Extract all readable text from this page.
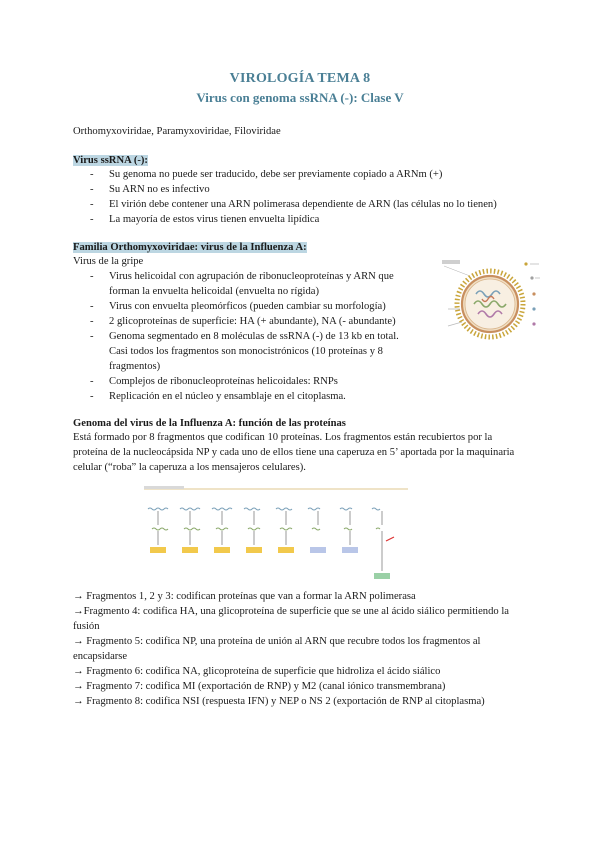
VIROLOGÍA TEMA 8
Virus con genoma ssRNA (-): Clase V
Orthomyxoviridae, Paramyxoviridae, Filoviridae
Virus ssRNA (-):
- Su genoma no puede ser traducido, debe ser previamente copiado a ARNm (+)
- Su ARN no es infectivo
- El virión debe contener una ARN polimerasa dependiente de ARN (las células no lo tienen)
- La mayoría de estos virus tienen envuelta lipídica
Familia Orthomyxoviridae: virus de la Influenza A:
Virus de la gripe
- Virus helicoidal con agrupación de ribonucleoproteínas y ARN que
forman la envuelta helicoidal (envuelta no rígida)
- Virus con envuelta pleomórficos (pueden cambiar su morfología)
- 2 glicoproteínas de superficie: HA (+ abundante), NA (- abundante)
- Genoma segmentado en 8 moléculas de ssRNA (-) de 13 kb en total.
Casi todos los fragmentos son monocistrónicos (10 proteínas y 8
fragmentos)
- Complejos de ribonucleoproteínas helicoidales: RNPs
- Replicación en el núcleo y ensamblaje en el citoplasma.
Genoma del virus de la Influenza A: función de las proteínas
Está formado por 8 fragmentos que codifican 10 proteínas. Los fragmentos están recubiertos por la proteína de la nucleocápsida NP y cada uno de ellos tiene una caperuza en 5’ aportada por la maquinaria celular (“roba” la caperuza a los mensajeros celulares).
→ Fragmentos 1, 2 y 3: codifican proteínas que van a formar la ARN polimerasa
→Fragmento 4: codifica HA, una glicoproteína de superficie que se une al ácido siálico permitiendo la fusión
→ Fragmento 5: codifica NP, una proteína de unión al ARN que recubre todos los fragmentos al encapsidarse
→ Fragmento 6: codifica NA, glicoproteína de superficie que hidroliza el ácido siálico
→ Fragmento 7: codifica MI (exportación de RNP) y M2 (canal iónico transmembrana)
→ Fragmento 8: codifica NSI (respuesta IFN) y NEP o NS 2 (exportación de RNP al citoplasma)
